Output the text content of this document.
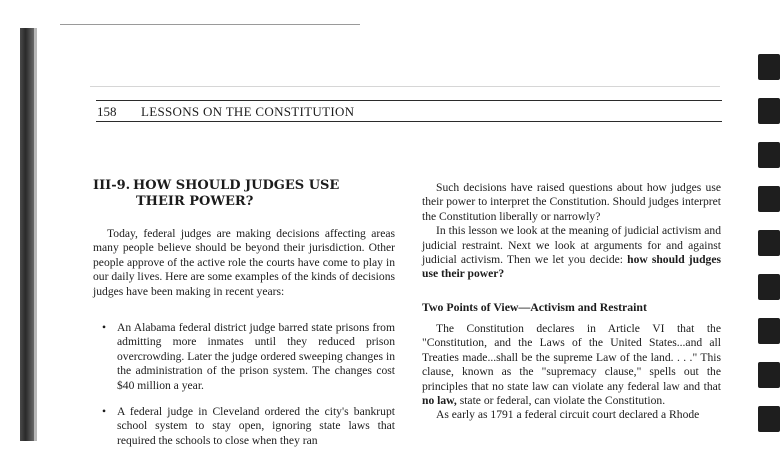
158 LESSONS ON THE CONSTITUTION
III-9. HOW SHOULD JUDGES USE
THEIR POWER?

Today, federal judges are making decisions affecting areas many people believe should be beyond their jurisdiction. Other people approve of the active role the courts have come to play in our daily lives. Here are some examples of the kinds of decisions judges have been making in recent years:

• An Alabama federal district judge barred state prisons from admitting more inmates until they reduced prison overcrowding. Later the judge ordered sweeping changes in the administration of the prison system. The changes cost $40 million a year.
• A federal judge in Cleveland ordered the city's bankrupt school system to stay open, ignoring state laws that required the schools to close when they ran

Such decisions have raised questions about how judges use their power to interpret the Constitution. Should judges interpret the Constitution liberally or narrowly?

In this lesson we look at the meaning of judicial activism and judicial restraint. Next we look at arguments for and against judicial activism. Then we let you decide: how should judges use their power?

Two Points of View—Activism and Restraint

The Constitution declares in Article VI that the "Constitution, and the Laws of the United States...and all Treaties made...shall be the supreme Law of the land. . . ." This clause, known as the "supremacy clause," spells out the principles that no state law can violate any federal law and that no law, state or federal, can violate the Constitution.

As early as 1791 a federal circuit court declared a Rhode
